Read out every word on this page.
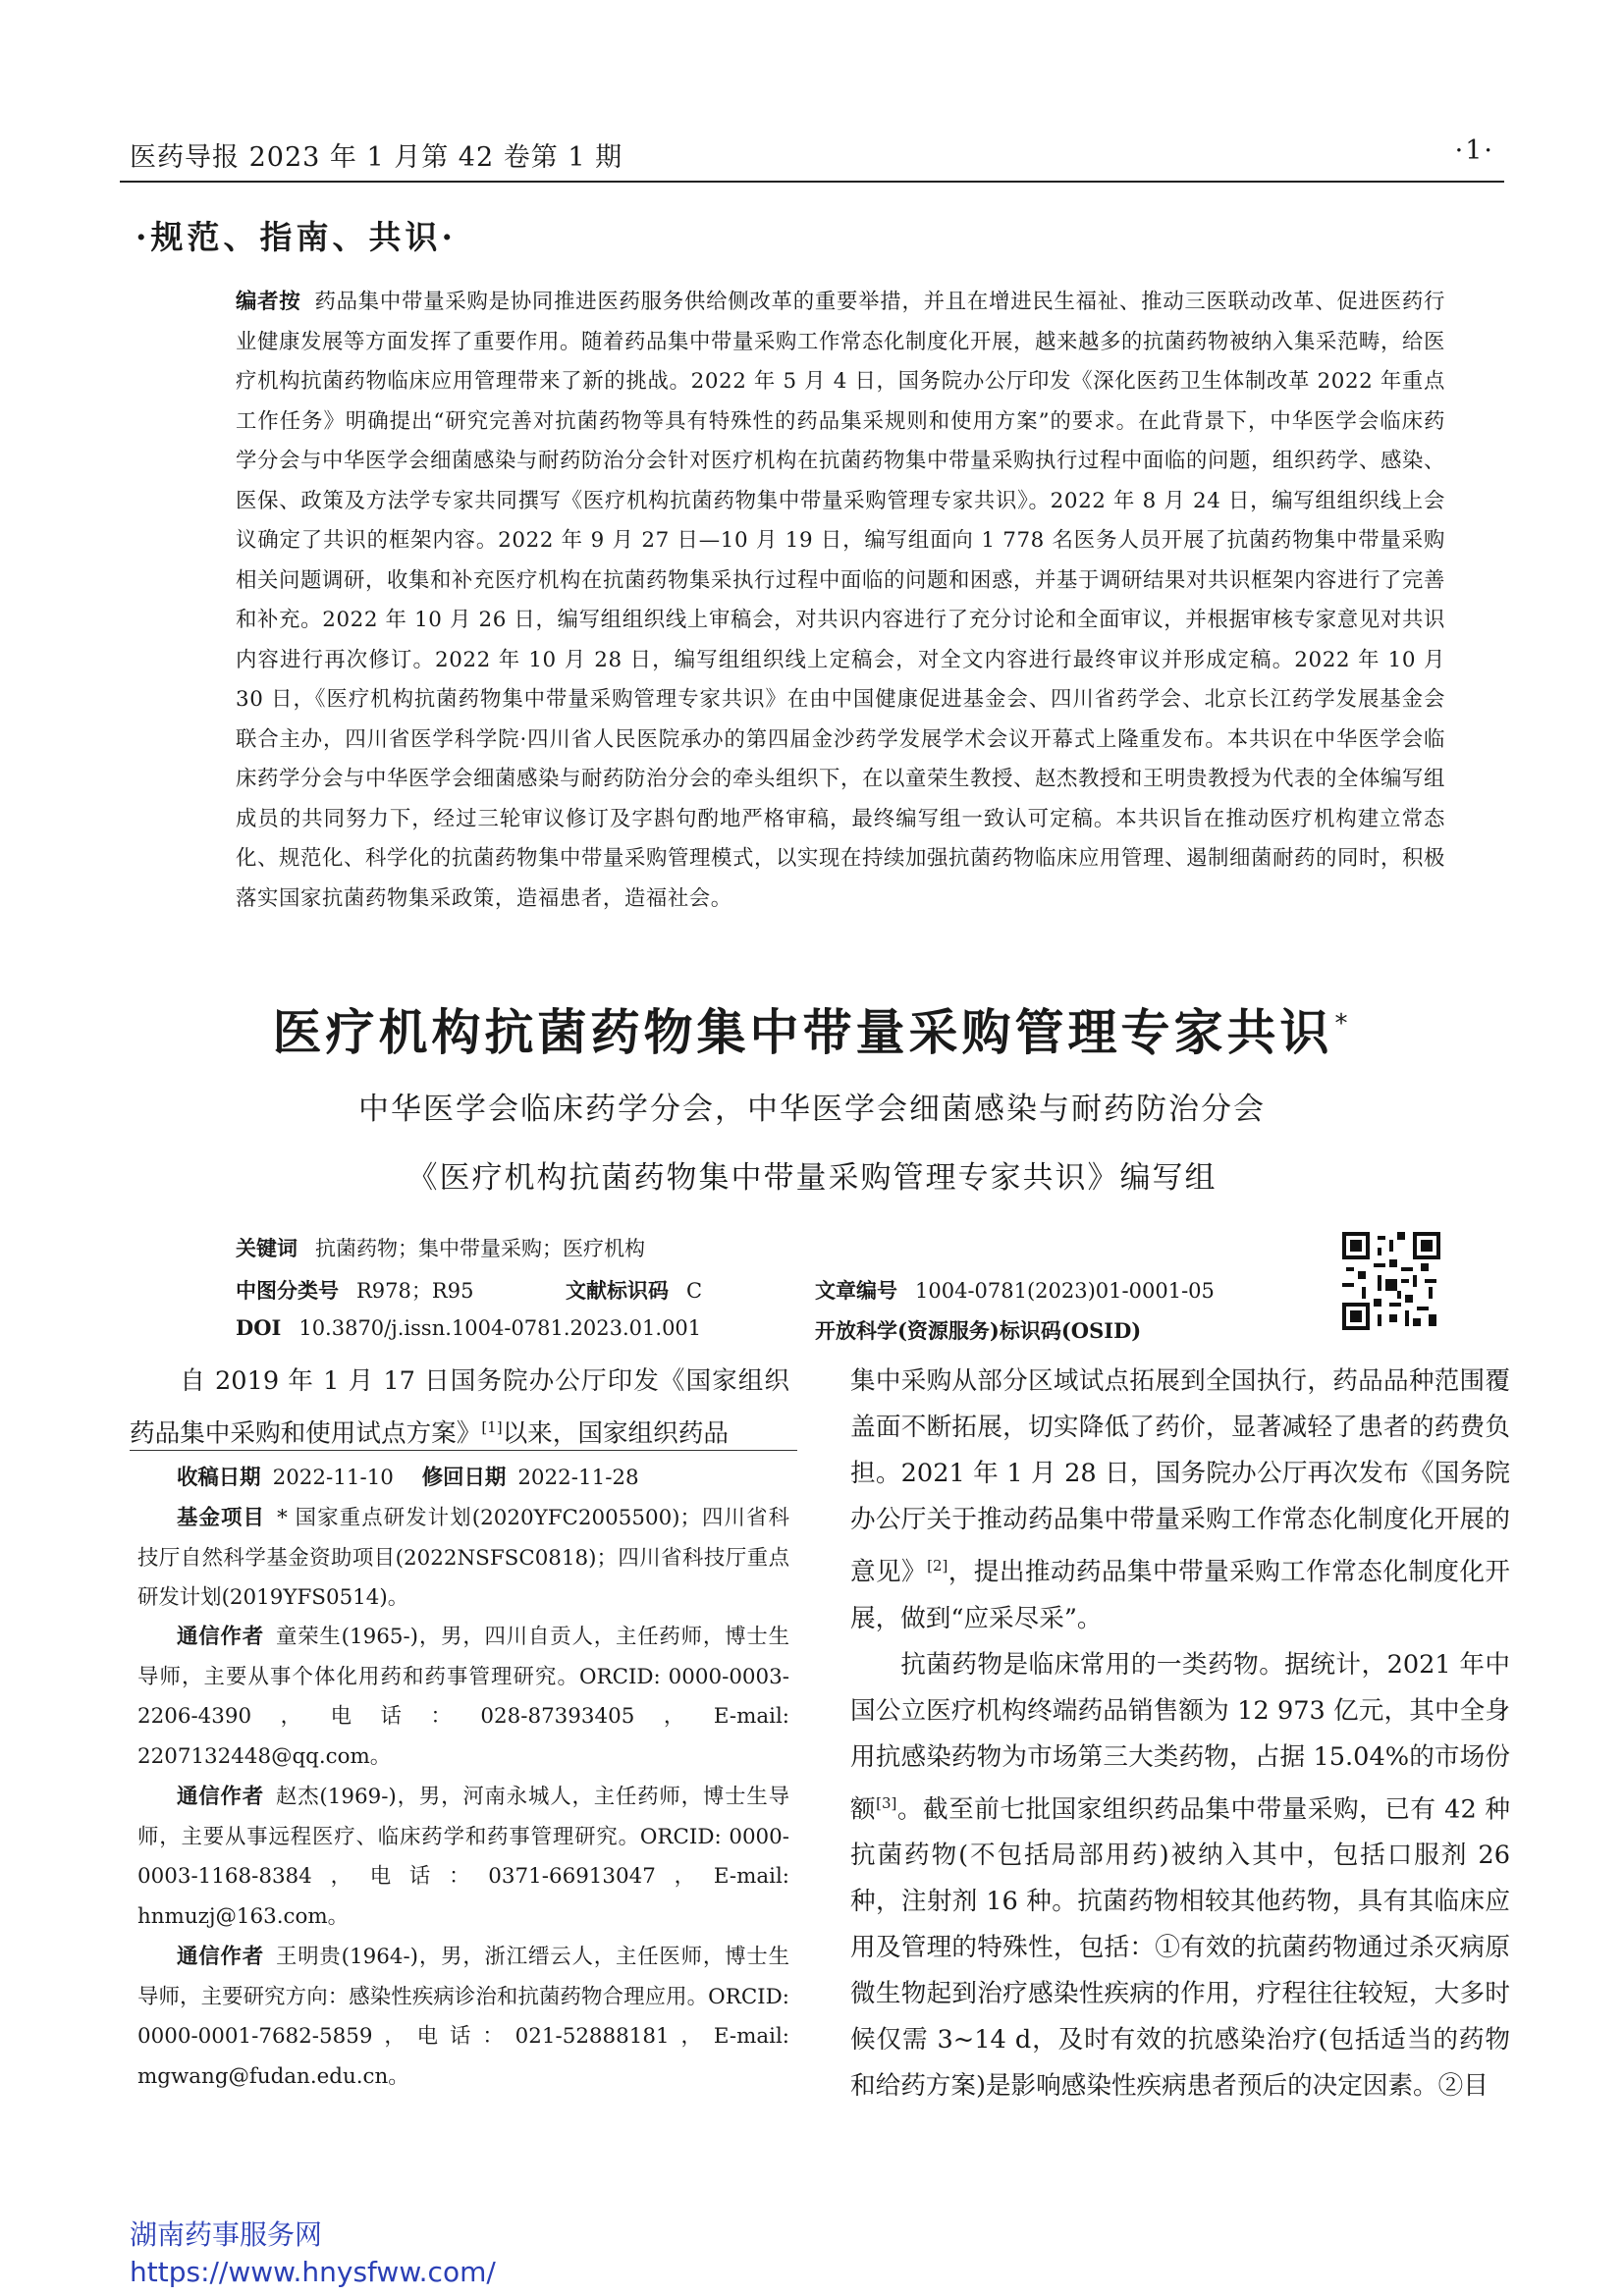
医药导报 2023 年 1 月第 42 卷第 1 期	·1·
·规范、指南、共识·
编者按 药品集中带量采购是协同推进医药服务供给侧改革的重要举措，并且在增进民生福祉、推动三医联动改革、促进医药行业健康发展等方面发挥了重要作用。随着药品集中带量采购工作常态化制度化开展，越来越多的抗菌药物被纳入集采范畴，给医疗机构抗菌药物临床应用管理带来了新的挑战。2022 年 5 月 4 日，国务院办公厅印发《深化医药卫生体制改革 2022 年重点工作任务》明确提出“研究完善对抗菌药物等具有特殊性的药品集采规则和使用方案”的要求。在此背景下，中华医学会临床药学分会与中华医学会细菌感染与耐药防治分会针对医疗机构在抗菌药物集中带量采购执行过程中面临的问题，组织药学、感染、医保、政策及方法学专家共同撰写《医疗机构抗菌药物集中带量采购管理专家共识》。2022 年 8 月 24 日，编写组组织线上会议确定了共识的框架内容。2022 年 9 月 27 日—10 月 19 日，编写组面向 1 778 名医务人员开展了抗菌药物集中带量采购相关问题调研，收集和补充医疗机构在抗菌药物集采执行过程中面临的问题和困惑，并基于调研结果对共识框架内容进行了完善和补充。2022 年 10 月 26 日，编写组组织线上审稿会，对共识内容进行了充分讨论和全面审议，并根据审核专家意见对共识内容进行再次修订。2022 年 10 月 28 日，编写组组织线上定稿会，对全文内容进行最终审议并形成定稿。2022 年 10 月 30 日，《医疗机构抗菌药物集中带量采购管理专家共识》在由中国健康促进基金会、四川省药学会、北京长江药学发展基金会联合主办，四川省医学科学院·四川省人民医院承办的第四届金沙药学发展学术会议开幕式上隆重发布。本共识在中华医学会临床药学分会与中华医学会细菌感染与耐药防治分会的牵头组织下，在以童荣生教授、赵杰教授和王明贵教授为代表的全体编写组成员的共同努力下，经过三轮审议修订及字斟句酌地严格审稿，最终编写组一致认可定稿。本共识旨在推动医疗机构建立常态化、规范化、科学化的抗菌药物集中带量采购管理模式，以实现在持续加强抗菌药物临床应用管理、遏制细菌耐药的同时，积极落实国家抗菌药物集采政策，造福患者，造福社会。
医疗机构抗菌药物集中带量采购管理专家共识*
中华医学会临床药学分会，中华医学会细菌感染与耐药防治分会
《医疗机构抗菌药物集中带量采购管理专家共识》编写组
关键词 抗菌药物；集中带量采购；医疗机构
中图分类号 R978；R95	文献标识码 C	文章编号 1004-0781(2023)01-0001-05
DOI 10.3870/j.issn.1004-0781.2023.01.001	开放科学(资源服务)标识码(OSID)

自 2019 年 1 月 17 日国务院办公厅印发《国家组织药品集中采购和使用试点方案》[1]以来，国家组织药品

收稿日期 2022-11-10 修回日期 2022-11-28
基金项目 * 国家重点研发计划(2020YFC2005500)；四川省科技厅自然科学基金资助项目(2022NSFSC0818)；四川省科技厅重点研发计划(2019YFS0514)。
通信作者 童荣生(1965-)，男，四川自贡人，主任药师，博士生导师，主要从事个体化用药和药事管理研究。ORCID: 0000-0003-2206-4390，电话：028-87393405，E-mail: 2207132448@qq.com。
通信作者 赵杰(1969-)，男，河南永城人，主任药师，博士生导师，主要从事远程医疗、临床药学和药事管理研究。ORCID: 0000-0003-1168-8384，电话：0371-66913047，E-mail: hnmuzj@163.com。
通信作者 王明贵(1964-)，男，浙江缙云人，主任医师，博士生导师，主要研究方向：感染性疾病诊治和抗菌药物合理应用。ORCID: 0000-0001-7682-5859，电话：021-52888181，E-mail: mgwang@fudan.edu.cn。

集中采购从部分区域试点拓展到全国执行，药品品种范围覆盖面不断拓展，切实降低了药价，显著减轻了患者的药费负担。2021 年 1 月 28 日，国务院办公厅再次发布《国务院办公厅关于推动药品集中带量采购工作常态化制度化开展的意见》[2]，提出推动药品集中带量采购工作常态化制度化开展，做到“应采尽采”。

抗菌药物是临床常用的一类药物。据统计，2021 年中国公立医疗机构终端药品销售额为 12 973 亿元，其中全身用抗感染药物为市场第三大类药物，占据 15.04%的市场份额[3]。截至前七批国家组织药品集中带量采购，已有 42 种抗菌药物(不包括局部用药)被纳入其中，包括口服剂 26 种，注射剂 16 种。抗菌药物相较其他药物，具有其临床应用及管理的特殊性，包括：①有效的抗菌药物通过杀灭病原微生物起到治疗感染性疾病的作用，疗程往往较短，大多时候仅需 3~14 d，及时有效的抗感染治疗(包括适当的药物和给药方案)是影响感染性疾病患者预后的决定因素。②目

湖南药事服务网
https://www.hnysfww.com/
